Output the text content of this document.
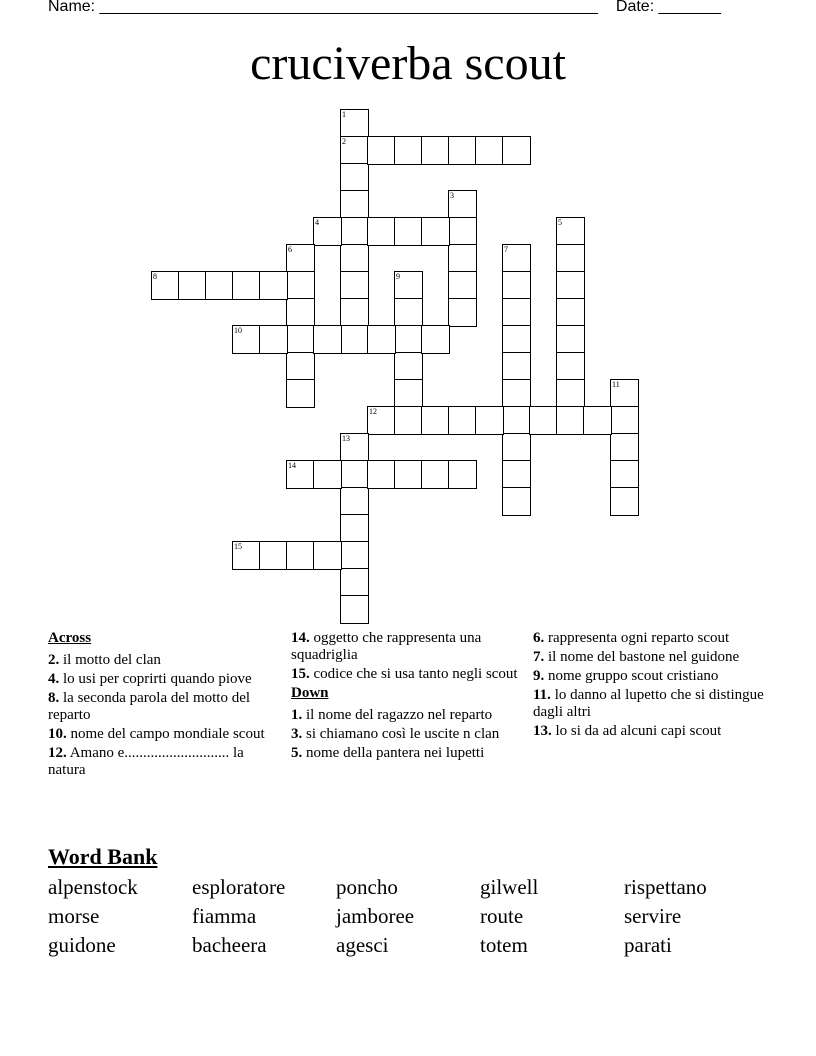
Name: ________________________________________________________ Date: _______
cruciverba scout
1
2
3
4	5
6	7
8	9
10
11
12
13
14
15
Across
2. il motto del clan
4. lo usi per coprirti quando piove
8. la seconda parola del motto del reparto
10. nome del campo mondiale scout
12. Amano e............................ la natura
14. oggetto che rappresenta una squadriglia
15. codice che si usa tanto negli scout
Down
1. il nome del ragazzo nel reparto
3. si chiamano così le uscite n clan
5. nome della pantera nei lupetti
6. rappresenta ogni reparto scout
7. il nome del bastone nel guidone
9. nome gruppo scout cristiano
11. lo danno al lupetto che si distingue dagli altri
13. lo si da ad alcuni capi scout
Word Bank
alpenstock	esploratore	poncho	gilwell	rispettano
morse	fiamma	jamboree	route	servire
guidone	bacheera	agesci	totem	parati
